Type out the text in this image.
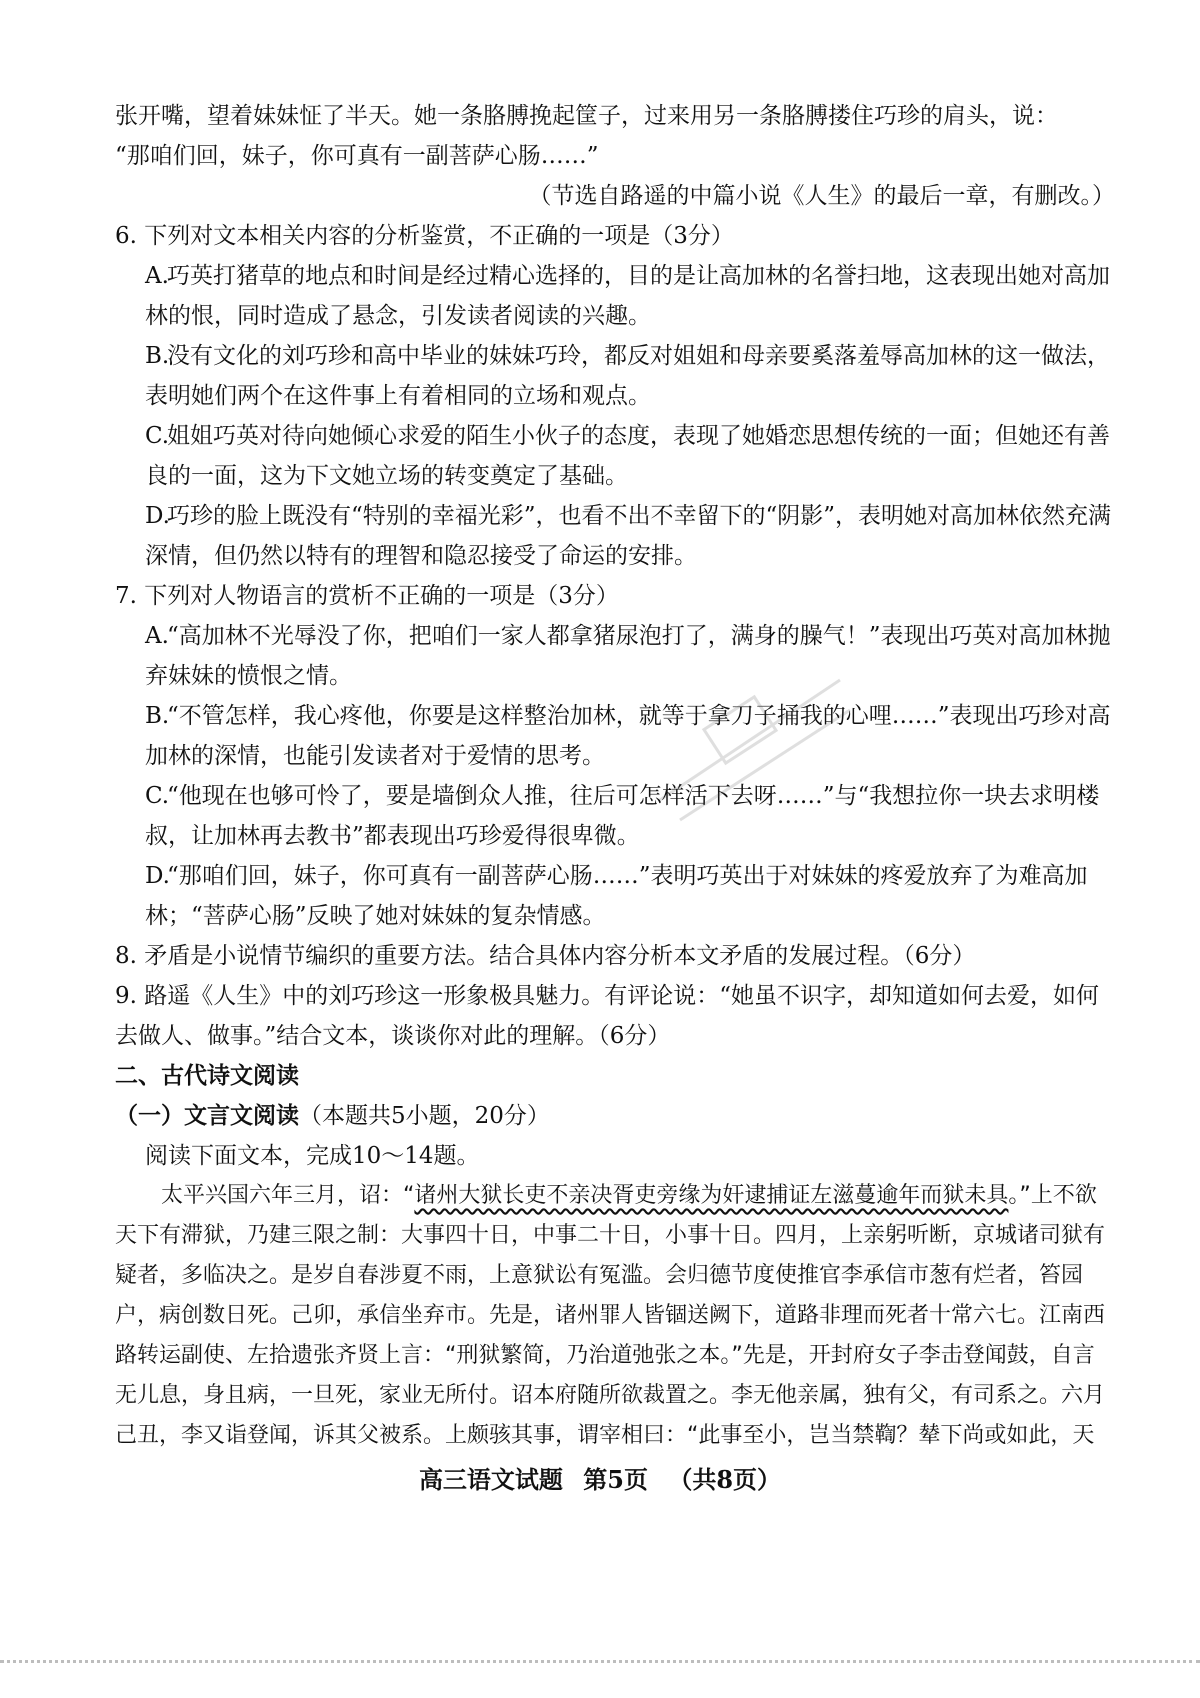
张开嘴，望着妹妹怔了半天。她一条胳膊挽起筐子，过来用另一条胳膊搂住巧珍的肩头，说：

“那咱们回，妹子，你可真有一副菩萨心肠……”

（节选自路遥的中篇小说《人生》的最后一章，有删改。）

6. 下列对文本相关内容的分析鉴赏，不正确的一项是（3分）

A.巧英打猪草的地点和时间是经过精心选择的，目的是让高加林的名誉扫地，这表现出她对高加林的恨，同时造成了悬念，引发读者阅读的兴趣。

B.没有文化的刘巧珍和高中毕业的妹妹巧玲，都反对姐姐和母亲要奚落羞辱高加林的这一做法，表明她们两个在这件事上有着相同的立场和观点。

C.姐姐巧英对待向她倾心求爱的陌生小伙子的态度，表现了她婚恋思想传统的一面；但她还有善良的一面，这为下文她立场的转变奠定了基础。

D.巧珍的脸上既没有“特别的幸福光彩”，也看不出不幸留下的“阴影”，表明她对高加林依然充满深情，但仍然以特有的理智和隐忍接受了命运的安排。

7. 下列对人物语言的赏析不正确的一项是（3分）

A.“高加林不光辱没了你，把咱们一家人都拿猪尿泡打了，满身的臊气！”表现出巧英对高加林抛弃妹妹的愤恨之情。

B.“不管怎样，我心疼他，你要是这样整治加林，就等于拿刀子捅我的心哩……”表现出巧珍对高加林的深情，也能引发读者对于爱情的思考。

C.“他现在也够可怜了，要是墙倒众人推，往后可怎样活下去呀……”与“我想拉你一块去求明楼叔，让加林再去教书”都表现出巧珍爱得很卑微。

D.“那咱们回，妹子，你可真有一副菩萨心肠……”表明巧英出于对妹妹的疼爱放弃了为难高加林；“菩萨心肠”反映了她对妹妹的复杂情感。

8. 矛盾是小说情节编织的重要方法。结合具体内容分析本文矛盾的发展过程。（6分）

9. 路遥《人生》中的刘巧珍这一形象极具魅力。有评论说：“她虽不识字，却知道如何去爱，如何去做人、做事。”结合文本，谈谈你对此的理解。（6分）

二、古代诗文阅读

（一）文言文阅读（本题共5小题，20分）

阅读下面文本，完成10～14题。

太平兴国六年三月，诏：“诸州大狱长吏不亲决胥吏旁缘为奸逮捕证左滋蔓逾年而狱未具。”上不欲天下有滞狱，乃建三限之制：大事四十日，中事二十日，小事十日。四月，上亲躬听断，京城诸司狱有疑者，多临决之。是岁自春涉夏不雨，上意狱讼有冤滥。会归德节度使推官李承信市葱有烂者，笞园户，病创数日死。己卯，承信坐弃市。先是，诸州罪人皆锢送阙下，道路非理而死者十常六七。江南西路转运副使、左拾遗张齐贤上言：“刑狱繁简，乃治道弛张之本。”先是，开封府女子李击登闻鼓，自言无儿息，身且病，一旦死，家业无所付。诏本府随所欲裁置之。李无他亲属，独有父，有司系之。六月己丑，李又诣登闻，诉其父被系。上颇骇其事，谓宰相曰：“此事至小，岂当禁鞫？辇下尚或如此，天

高三语文试题 第5页 （共8页）
